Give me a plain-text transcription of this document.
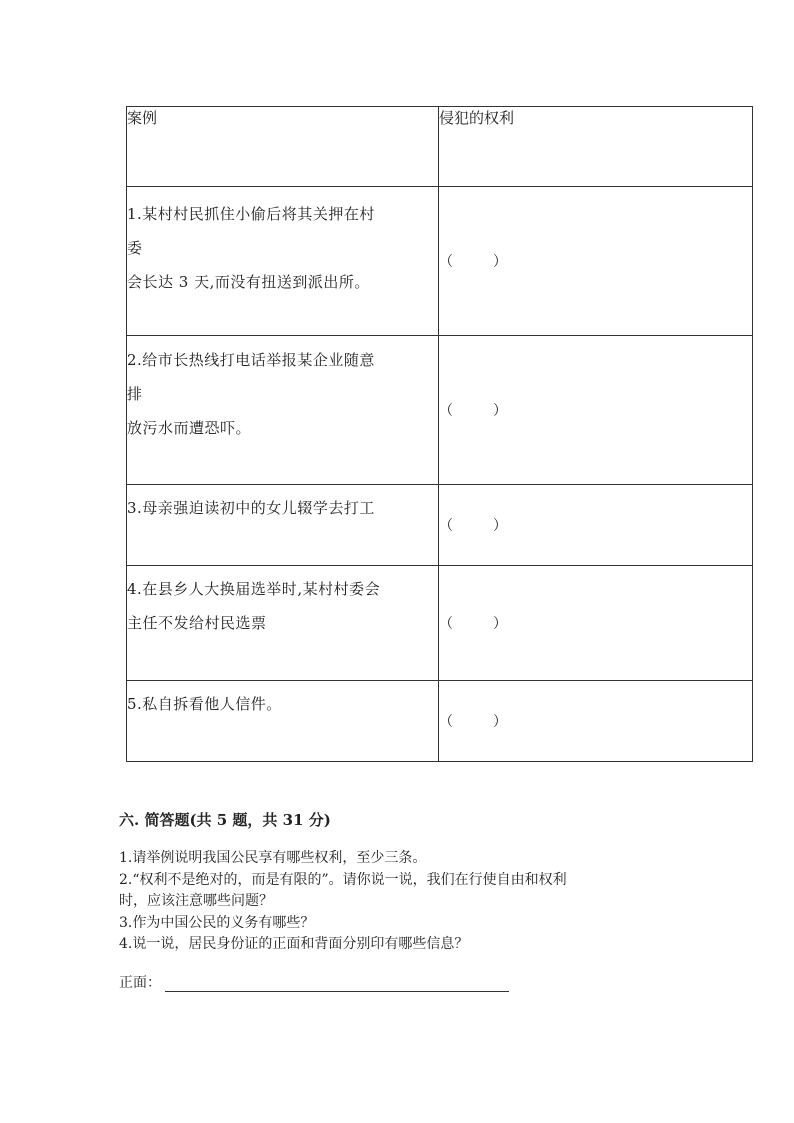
案例	侵犯的权利

1.某村村民抓住小偷后将其关押在村
委
会长达 3 天,而没有扭送到派出所。	（         ）

2.给市长热线打电话举报某企业随意
排
放污水而遭恐吓。	（         ）

3.母亲强迫读初中的女儿辍学去打工	（         ）

4.在县乡人大换届选举时,某村村委会
主任不发给村民选票	（         ）

5.私自拆看他人信件。	（         ）
六. 简答题(共 5 题，共 31 分)
1.请举例说明我国公民享有哪些权利，至少三条。
2.“权利不是绝对的，而是有限的”。请你说一说，我们在行使自由和权利
时，应该注意哪些问题？
3.作为中国公民的义务有哪些？
4.说一说，居民身份证的正面和背面分别印有哪些信息？
正面：
